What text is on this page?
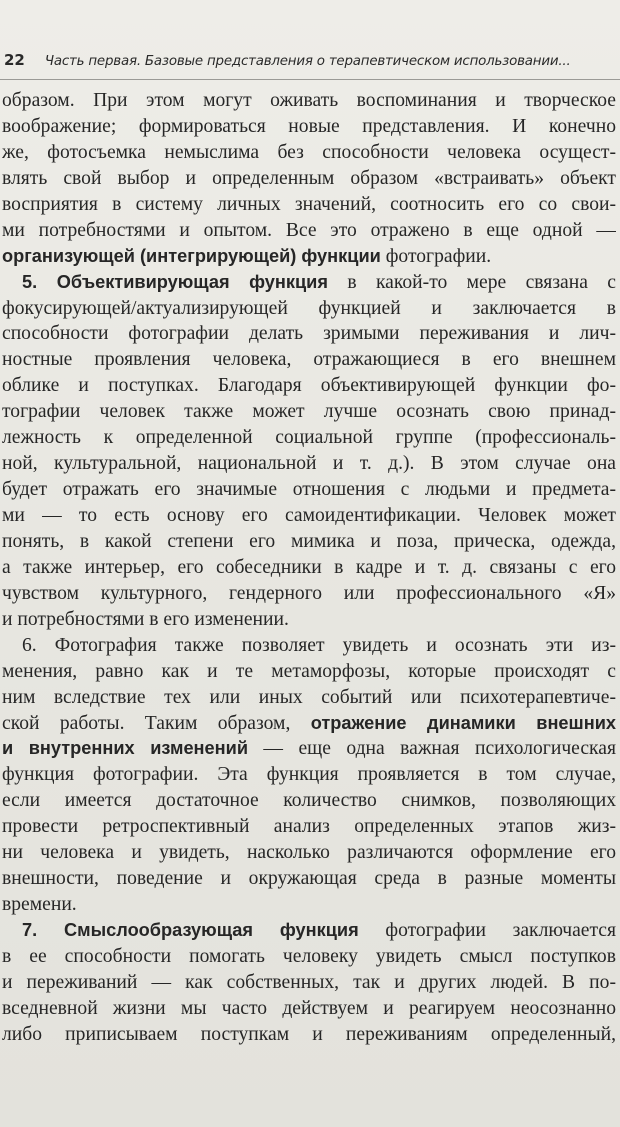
22 Часть первая. Базовые представления о терапевтическом использовании...
образом. При этом могут оживать воспоминания и творческое
воображение; формироваться новые представления. И конечно
же, фотосъемка немыслима без способности человека осущест-
влять свой выбор и определенным образом «встраивать» объект
восприятия в систему личных значений, соотносить его со свои-
ми потребностями и опытом. Все это отражено в еще одной —
организующей (интегрирующей) функции фотографии.
5. Объективирующая функция в какой-то мере связана с
фокусирующей/актуализирующей функцией и заключается в
способности фотографии делать зримыми переживания и лич-
ностные проявления человека, отражающиеся в его внешнем
облике и поступках. Благодаря объективирующей функции фо-
тографии человек также может лучше осознать свою принад-
лежность к определенной социальной группе (профессиональ-
ной, культуральной, национальной и т. д.). В этом случае она
будет отражать его значимые отношения с людьми и предмета-
ми — то есть основу его самоидентификации. Человек может
понять, в какой степени его мимика и поза, прическа, одежда,
а также интерьер, его собеседники в кадре и т. д. связаны с его
чувством культурного, гендерного или профессионального «Я»
и потребностями в его изменении.
6. Фотография также позволяет увидеть и осознать эти из-
менения, равно как и те метаморфозы, которые происходят с
ним вследствие тех или иных событий или психотерапевтиче-
ской работы. Таким образом, отражение динамики внешних
и внутренних изменений — еще одна важная психологическая
функция фотографии. Эта функция проявляется в том случае,
если имеется достаточное количество снимков, позволяющих
провести ретроспективный анализ определенных этапов жиз-
ни человека и увидеть, насколько различаются оформление его
внешности, поведение и окружающая среда в разные моменты
времени.
7. Смыслообразующая функция фотографии заключается
в ее способности помогать человеку увидеть смысл поступков
и переживаний — как собственных, так и других людей. В по-
вседневной жизни мы часто действуем и реагируем неосознанно
либо приписываем поступкам и переживаниям определенный,
